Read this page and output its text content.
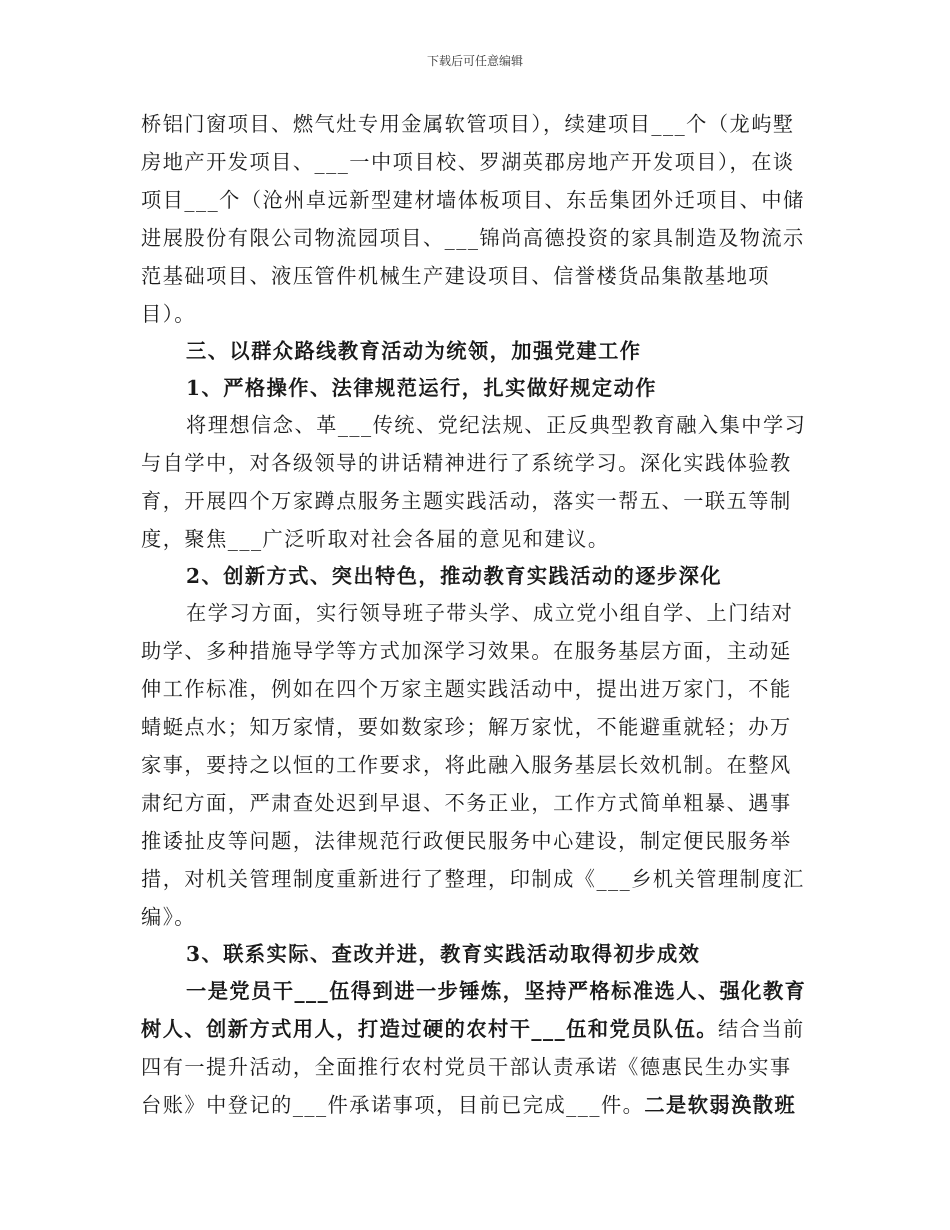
下载后可任意编辑
桥铝门窗项目、燃气灶专用金属软管项目），续建项目___个（龙屿墅
房地产开发项目、___一中项目校、罗湖英郡房地产开发项目），在谈
项目___个（沧州卓远新型建材墙体板项目、东岳集团外迁项目、中储
进展股份有限公司物流园项目、___锦尚高德投资的家具制造及物流示
范基础项目、液压管件机械生产建设项目、信誉楼货品集散基地项
目）。
三、以群众路线教育活动为统领，加强党建工作
1、严格操作、法律规范运行，扎实做好规定动作
将理想信念、革___传统、党纪法规、正反典型教育融入集中学习
与自学中，对各级领导的讲话精神进行了系统学习。深化实践体验教
育，开展四个万家蹲点服务主题实践活动，落实一帮五、一联五等制
度，聚焦___广泛听取对社会各届的意见和建议。
2、创新方式、突出特色，推动教育实践活动的逐步深化
在学习方面，实行领导班子带头学、成立党小组自学、上门结对
助学、多种措施导学等方式加深学习效果。在服务基层方面，主动延
伸工作标准，例如在四个万家主题实践活动中，提出进万家门，不能
蜻蜓点水；知万家情，要如数家珍；解万家忧，不能避重就轻；办万
家事，要持之以恒的工作要求，将此融入服务基层长效机制。在整风
肃纪方面，严肃查处迟到早退、不务正业，工作方式简单粗暴、遇事
推诿扯皮等问题，法律规范行政便民服务中心建设，制定便民服务举
措，对机关管理制度重新进行了整理，印制成《___乡机关管理制度汇
编》。
3、联系实际、查改并进，教育实践活动取得初步成效
一是党员干___伍得到进一步锤炼，坚持严格标准选人、强化教育
树人、创新方式用人，打造过硬的农村干___伍和党员队伍。结合当前
四有一提升活动，全面推行农村党员干部认责承诺《德惠民生办实事
台账》中登记的___件承诺事项，目前已完成___件。二是软弱涣散班
